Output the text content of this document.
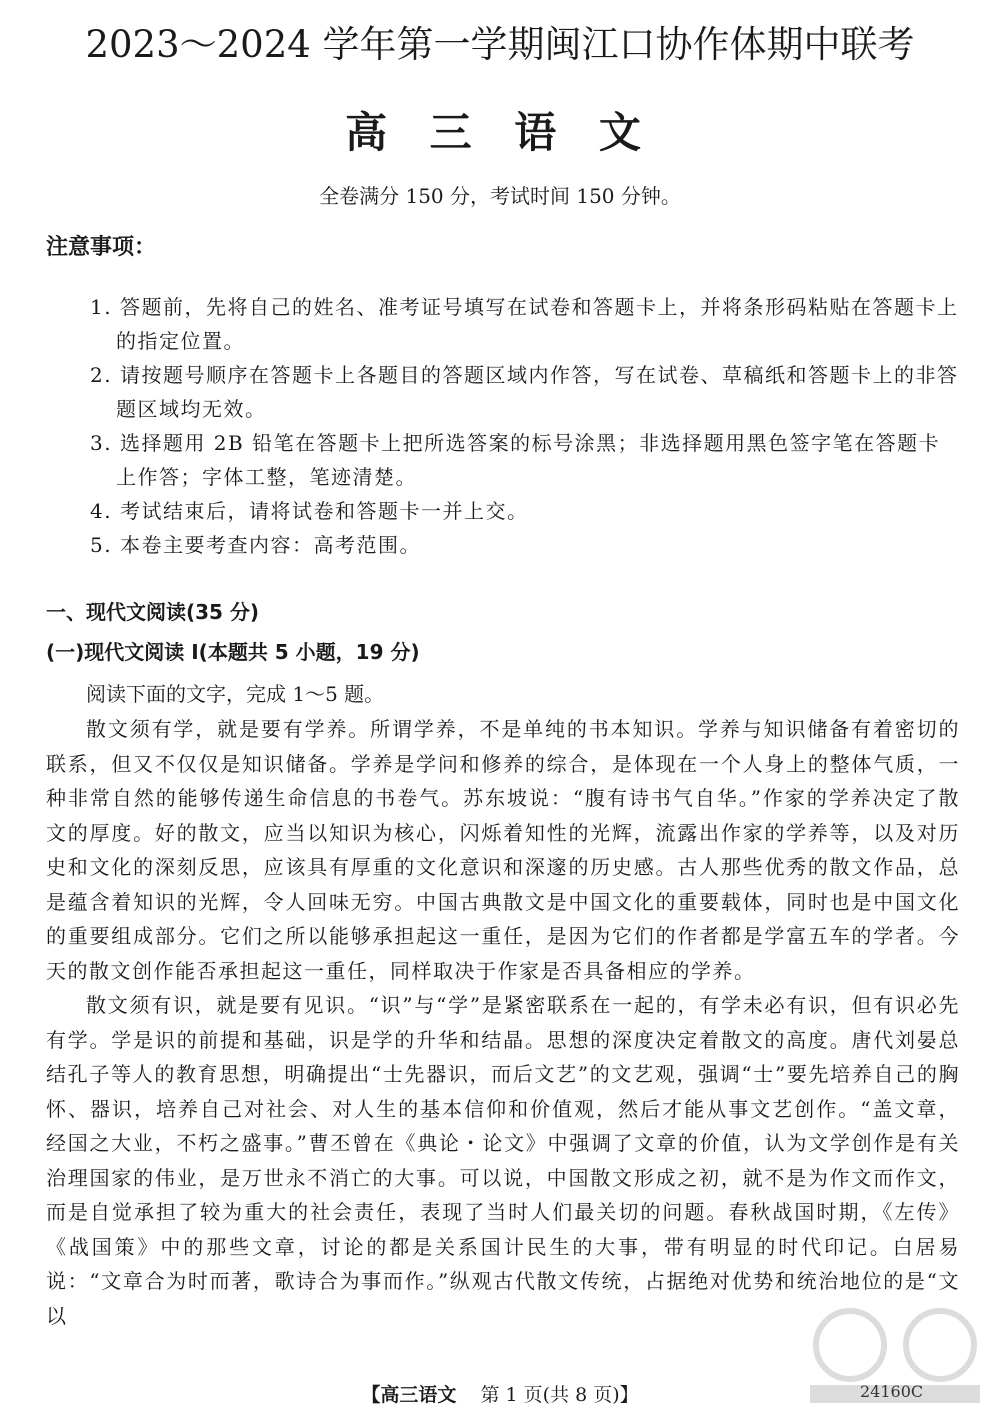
2023～2024 学年第一学期闽江口协作体期中联考
高 三 语 文
全卷满分 150 分，考试时间 150 分钟。
注意事项：
1. 答题前，先将自己的姓名、准考证号填写在试卷和答题卡上，并将条形码粘贴在答题卡上的指定位置。
2. 请按题号顺序在答题卡上各题目的答题区域内作答，写在试卷、草稿纸和答题卡上的非答题区域均无效。
3. 选择题用 2B 铅笔在答题卡上把所选答案的标号涂黑；非选择题用黑色签字笔在答题卡上作答；字体工整，笔迹清楚。
4. 考试结束后，请将试卷和答题卡一并上交。
5. 本卷主要考查内容：高考范围。
一、现代文阅读(35 分)
(一)现代文阅读 Ⅰ(本题共 5 小题，19 分)
阅读下面的文字，完成 1～5 题。

散文须有学，就是要有学养。所谓学养，不是单纯的书本知识。学养与知识储备有着密切的联系，但又不仅仅是知识储备。学养是学问和修养的综合，是体现在一个人身上的整体气质，一种非常自然的能够传递生命信息的书卷气。苏东坡说：“腹有诗书气自华。”作家的学养决定了散文的厚度。好的散文，应当以知识为核心，闪烁着知性的光辉，流露出作家的学养等，以及对历史和文化的深刻反思，应该具有厚重的文化意识和深邃的历史感。古人那些优秀的散文作品，总是蕴含着知识的光辉，令人回味无穷。中国古典散文是中国文化的重要载体，同时也是中国文化的重要组成部分。它们之所以能够承担起这一重任，是因为它们的作者都是学富五车的学者。今天的散文创作能否承担起这一重任，同样取决于作家是否具备相应的学养。

散文须有识，就是要有见识。“识”与“学”是紧密联系在一起的，有学未必有识，但有识必先有学。学是识的前提和基础，识是学的升华和结晶。思想的深度决定着散文的高度。唐代刘晏总结孔子等人的教育思想，明确提出“士先器识，而后文艺”的文艺观，强调“士”要先培养自己的胸怀、器识，培养自己对社会、对人生的基本信仰和价值观，然后才能从事文艺创作。“盖文章，经国之大业，不朽之盛事。”曹丕曾在《典论・论文》中强调了文章的价值，认为文学创作是有关治理国家的伟业，是万世永不消亡的大事。可以说，中国散文形成之初，就不是为作文而作文，而是自觉承担了较为重大的社会责任，表现了当时人们最关切的问题。春秋战国时期，《左传》《战国策》中的那些文章，讨论的都是关系国计民生的大事，带有明显的时代印记。白居易说：“文章合为时而著，歌诗合为事而作。”纵观古代散文传统，占据绝对优势和统治地位的是“文以

【高三语文 第 1 页(共 8 页)】	24160C
